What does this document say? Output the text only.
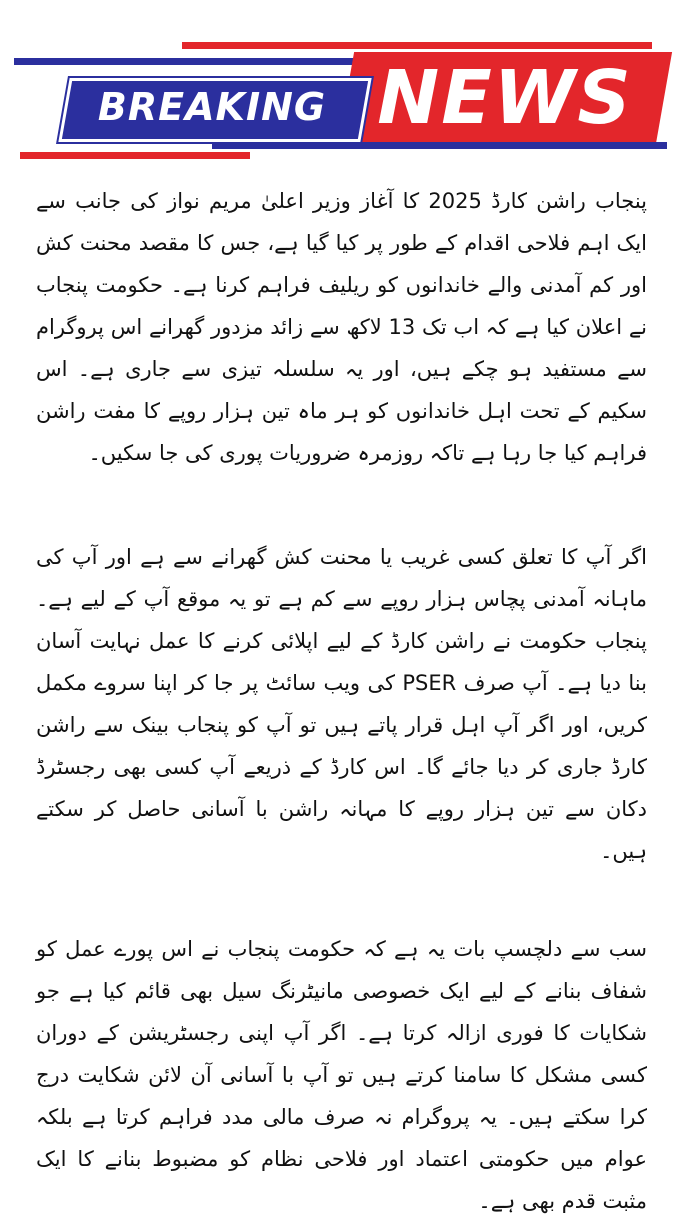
NEWS
BREAKING

پنجاب راشن کارڈ 2025 کا آغاز وزیر اعلیٰ مریم نواز کی جانب سے ایک اہم فلاحی اقدام کے طور پر کیا گیا ہے، جس کا مقصد محنت کش اور کم آمدنی والے خاندانوں کو ریلیف فراہم کرنا ہے۔ حکومت پنجاب نے اعلان کیا ہے کہ اب تک 13 لاکھ سے زائد مزدور گھرانے اس پروگرام سے مستفید ہو چکے ہیں، اور یہ سلسلہ تیزی سے جاری ہے۔ اس سکیم کے تحت اہل خاندانوں کو ہر ماہ تین ہزار روپے کا مفت راشن فراہم کیا جا رہا ہے تاکہ روزمرہ ضروریات پوری کی جا سکیں۔

اگر آپ کا تعلق کسی غریب یا محنت کش گھرانے سے ہے اور آپ کی ماہانہ آمدنی پچاس ہزار روپے سے کم ہے تو یہ موقع آپ کے لیے ہے۔ پنجاب حکومت نے راشن کارڈ کے لیے اپلائی کرنے کا عمل نہایت آسان بنا دیا ہے۔ آپ صرف PSER کی ویب سائٹ پر جا کر اپنا سروے مکمل کریں، اور اگر آپ اہل قرار پاتے ہیں تو آپ کو پنجاب بینک سے راشن کارڈ جاری کر دیا جائے گا۔ اس کارڈ کے ذریعے آپ کسی بھی رجسٹرڈ دکان سے تین ہزار روپے کا مہانہ راشن با آسانی حاصل کر سکتے ہیں۔

سب سے دلچسپ بات یہ ہے کہ حکومت پنجاب نے اس پورے عمل کو شفاف بنانے کے لیے ایک خصوصی مانیٹرنگ سیل بھی قائم کیا ہے جو شکایات کا فوری ازالہ کرتا ہے۔ اگر آپ اپنی رجسٹریشن کے دوران کسی مشکل کا سامنا کرتے ہیں تو آپ با آسانی آن لائن شکایت درج کرا سکتے ہیں۔ یہ پروگرام نہ صرف مالی مدد فراہم کرتا ہے بلکہ عوام میں حکومتی اعتماد اور فلاحی نظام کو مضبوط بنانے کا ایک مثبت قدم بھی ہے۔
